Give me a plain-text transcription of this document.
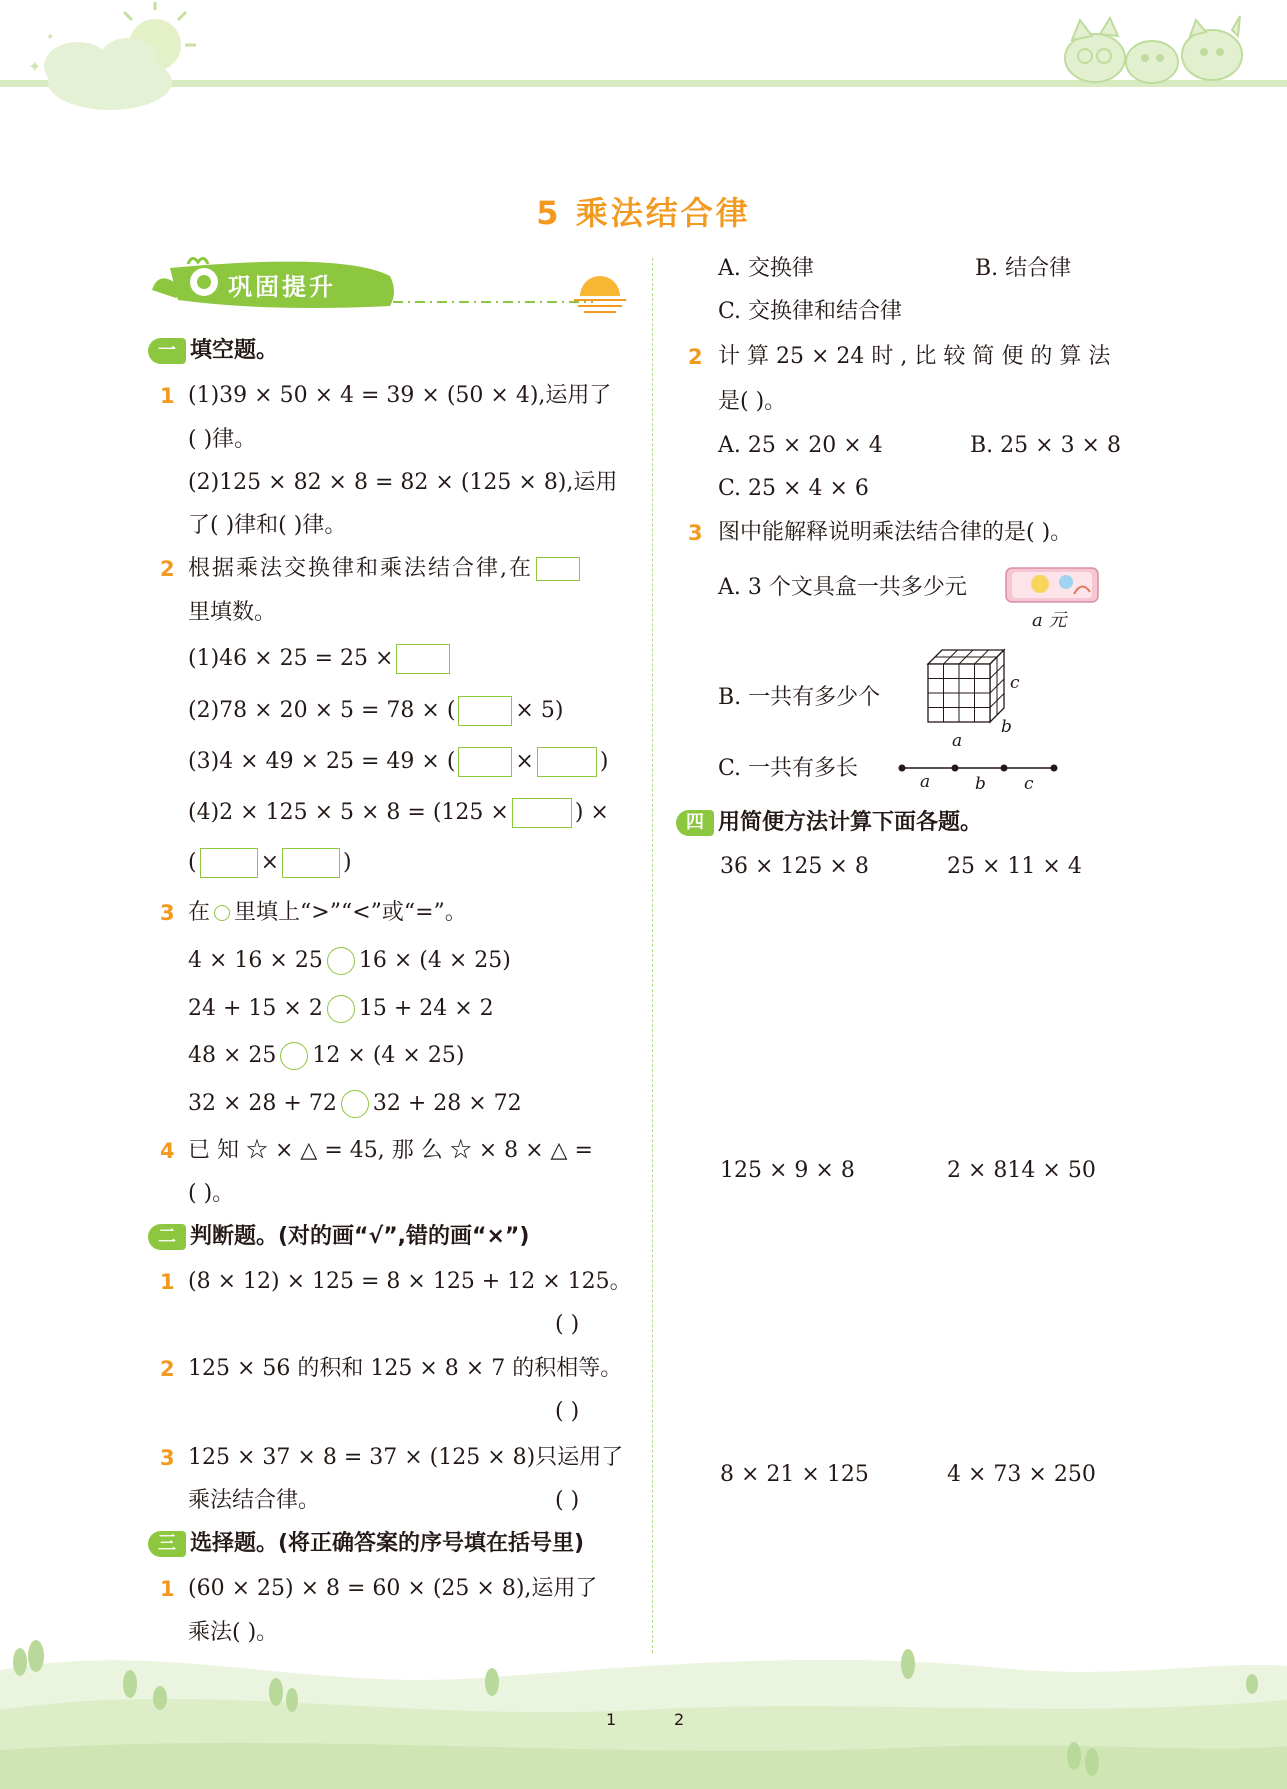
✦
✦
5 乘法结合律
巩固提升
一 填空题。
1 (1)39 × 50 × 4 = 39 × (50 × 4),运用了
( )律。
(2)125 × 82 × 8 = 82 × (125 × 8),运用
了( )律和( )律。
2 根据乘法交换律和乘法结合律,在
里填数。
(1)46 × 25 = 25 ×
(2)78 × 20 × 5 = 78 × (	× 5)
(3)4 × 49 × 25 = 49 × (	×	)
(4)2 × 125 × 5 × 8 = (125 ×	) ×
(	×	)
3 在 里填上“>”“<”或“=”。
4 × 16 × 25 16 × (4 × 25)
24 + 15 × 2 15 + 24 × 2
48 × 25 12 × (4 × 25)
32 × 28 + 72 32 + 28 × 72
4 已 知 ☆ × △ = 45, 那 么 ☆ × 8 × △ =
( )。
二 判断题。(对的画“√”,错的画“×”)
1 (8 × 12) × 125 = 8 × 125 + 12 × 125。
( )
2 125 × 56 的积和 125 × 8 × 7 的积相等。
( )
3 125 × 37 × 8 = 37 × (125 × 8)只运用了
乘法结合律。	( )
三 选择题。(将正确答案的序号填在括号里)
1 (60 × 25) × 8 = 60 × (25 × 8),运用了
乘法( )。
A. 交换律	B. 结合律
C. 交换律和结合律
2 计 算 25 × 24 时 , 比 较 简 便 的 算 法
是( )。
A. 25 × 20 × 4	B. 25 × 3 × 8
C. 25 × 4 × 6
3 图中能解释说明乘法结合律的是( )。
A. 3 个文具盒一共多少元
a 元
B. 一共有多少个
a
b
c
C. 一共有多长
a	b c
四 用简便方法计算下面各题。
36 × 125 × 8	25 × 11 × 4
125 × 9 × 8	2 × 814 × 50
8 × 21 × 125	4 × 73 × 250
1	2
